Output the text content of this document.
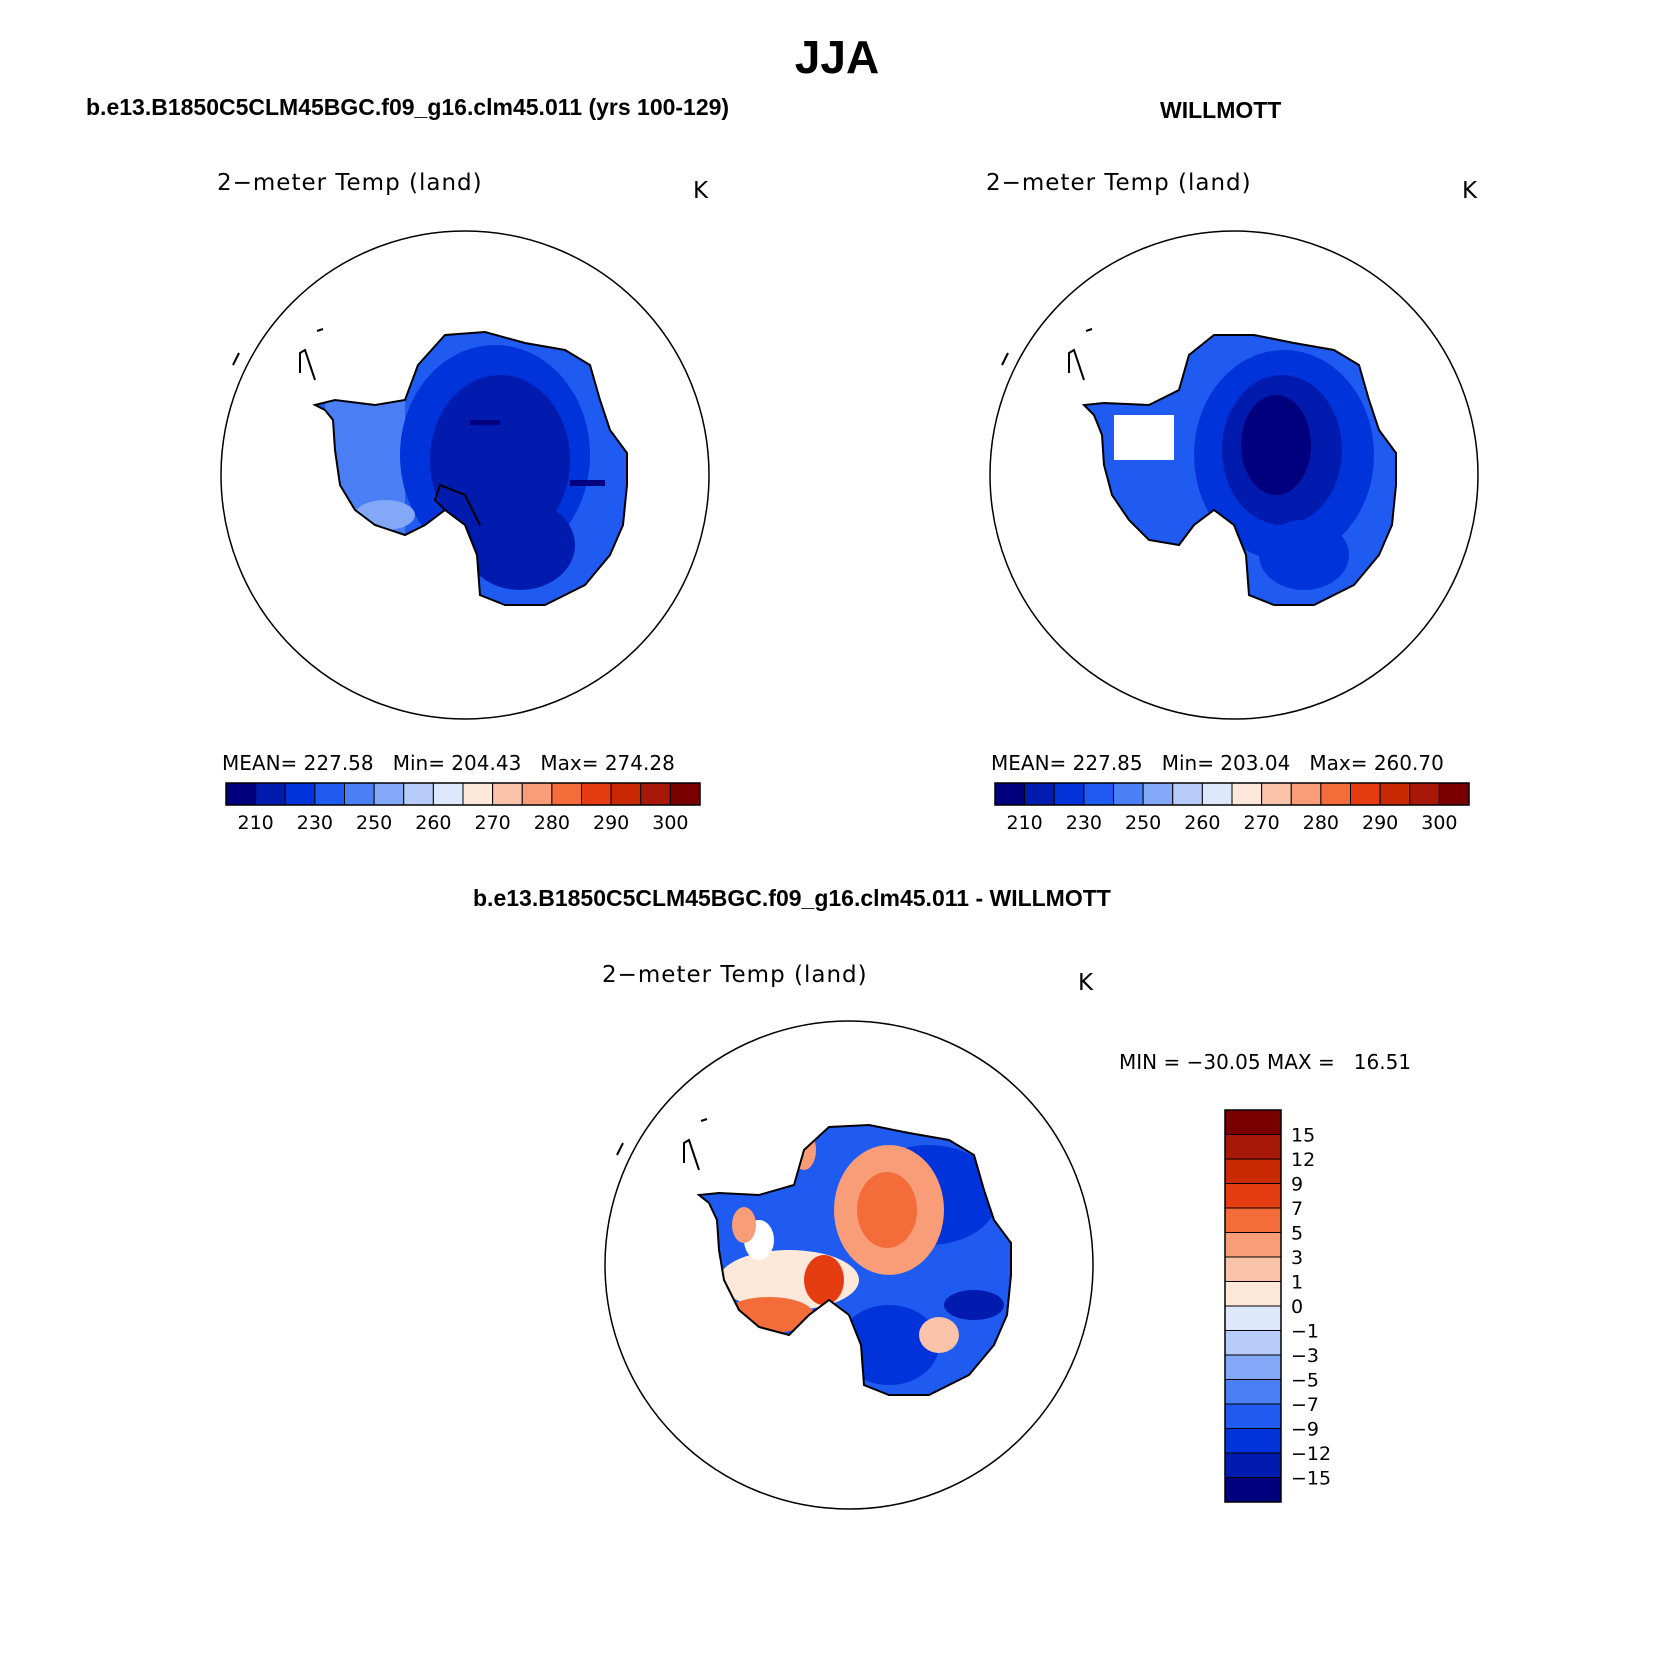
JJA
b.e13.B1850C5CLM45BGC.f09_g16.clm45.011 (yrs 100-129)	WILLMOTT
b.e13.B1850C5CLM45BGC.f09_g16.clm45.011 - WILLMOTT
2−meter Temp (land)	K	2−meter Temp (land)	K
2−meter Temp (land)	K
MEAN= 227.58   Min= 204.43   Max= 274.28	MEAN= 227.85   Min= 203.04   Max= 260.70
MIN = −30.05 MAX =   16.51
210 230 250 260 270 280 290 300	210 230 250 260 270 280 290 300
15
12
9
7
5
3
1
0
−1
−3
−5
−7
−9
−12
−15
